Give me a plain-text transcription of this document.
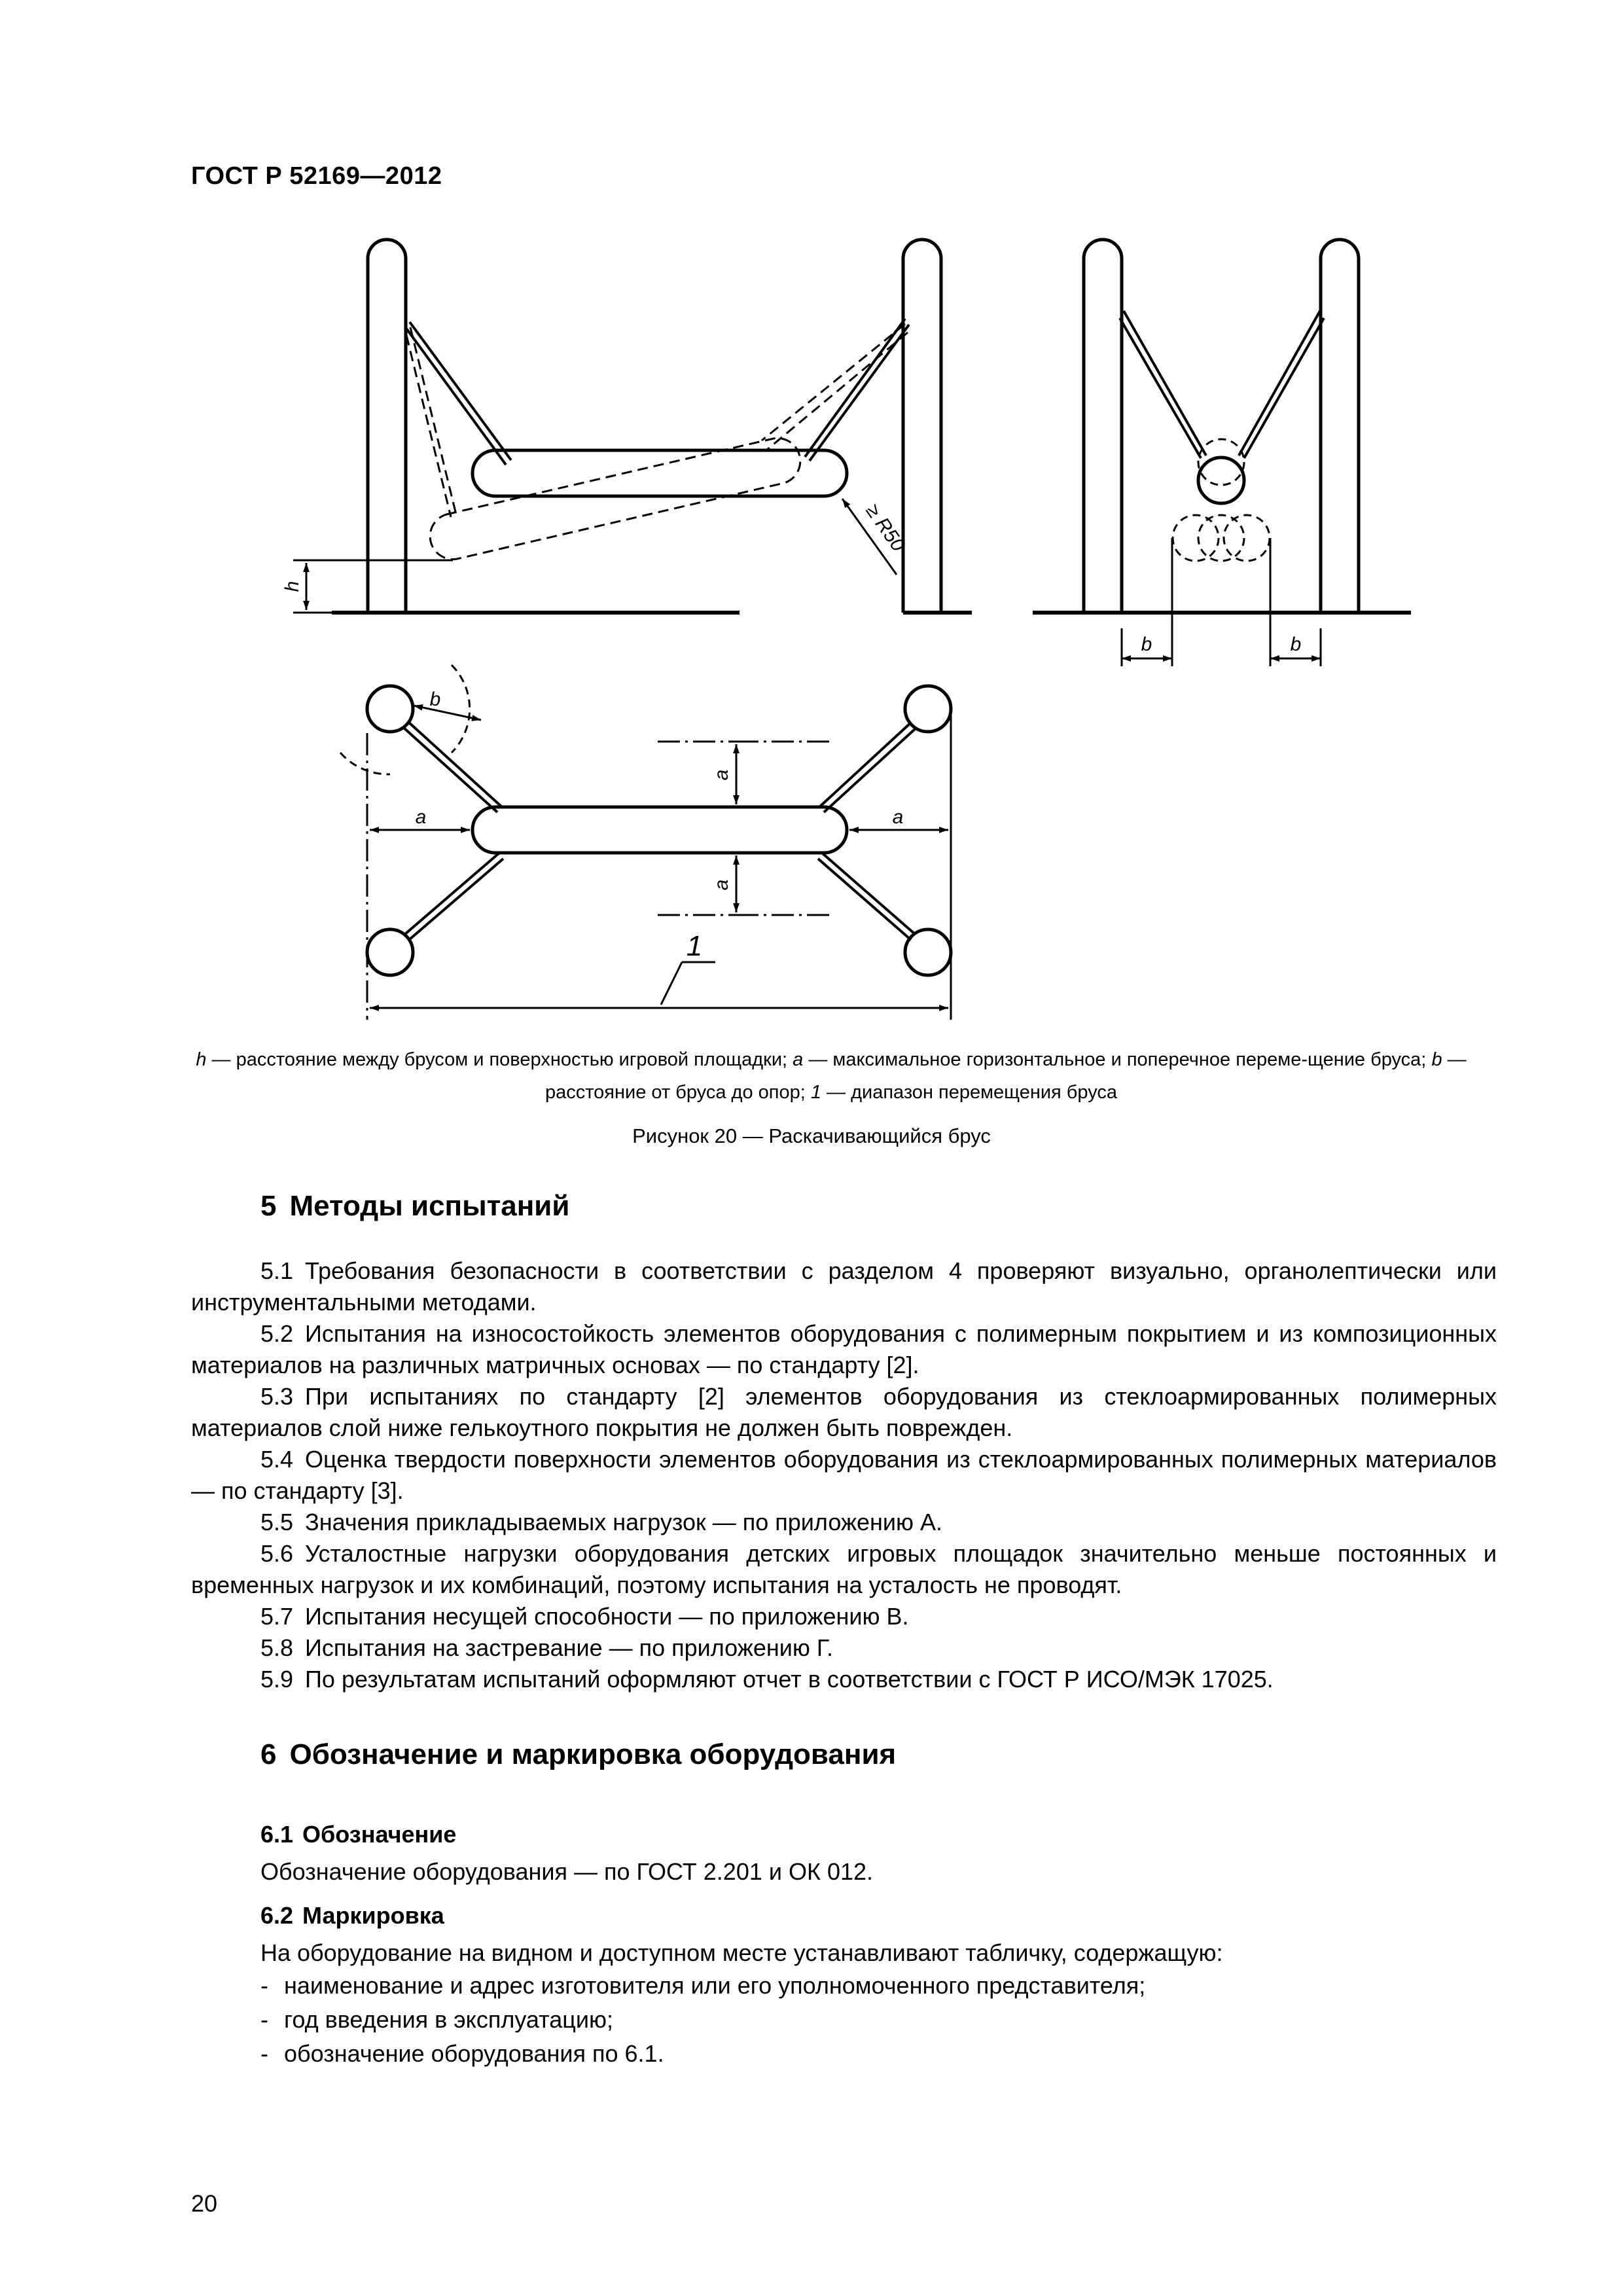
ГОСТ Р 52169—2012
h
≥ R50
b	b
b
a
a
a	a
1
h — расстояние между брусом и поверхностью игровой площадки; a — максимальное горизонтальное и поперечное переме-щение бруса; b — расстояние от бруса до опор; 1 — диапазон перемещения бруса
Рисунок 20 — Раскачивающийся брус
5 Методы испытаний

5.1 Требования безопасности в соответствии с разделом 4 проверяют визуально, органолептически или инструментальными методами.

5.2 Испытания на износостойкость элементов оборудования с полимерным покрытием и из композиционных материалов на различных матричных основах — по стандарту [2].

5.3 При испытаниях по стандарту [2] элементов оборудования из стеклоармированных полимерных материалов слой ниже гелькоутного покрытия не должен быть поврежден.

5.4 Оценка твердости поверхности элементов оборудования из стеклоармированных полимерных материалов — по стандарту [3].

5.5 Значения прикладываемых нагрузок — по приложению А.

5.6 Усталостные нагрузки оборудования детских игровых площадок значительно меньше постоянных и временных нагрузок и их комбинаций, поэтому испытания на усталость не проводят.

5.7 Испытания несущей способности — по приложению В.

5.8 Испытания на застревание — по приложению Г.

5.9 По результатам испытаний оформляют отчет в соответствии с ГОСТ Р ИСО/МЭК 17025.

6 Обозначение и маркировка оборудования
6.1 Обозначение
Обозначение оборудования — по ГОСТ 2.201 и ОК 012.
6.2 Маркировка
На оборудование на видном и доступном месте устанавливают табличку, содержащую:
- наименование и адрес изготовителя или его уполномоченного представителя;
- год введения в эксплуатацию;
- обозначение оборудования по 6.1.
20
